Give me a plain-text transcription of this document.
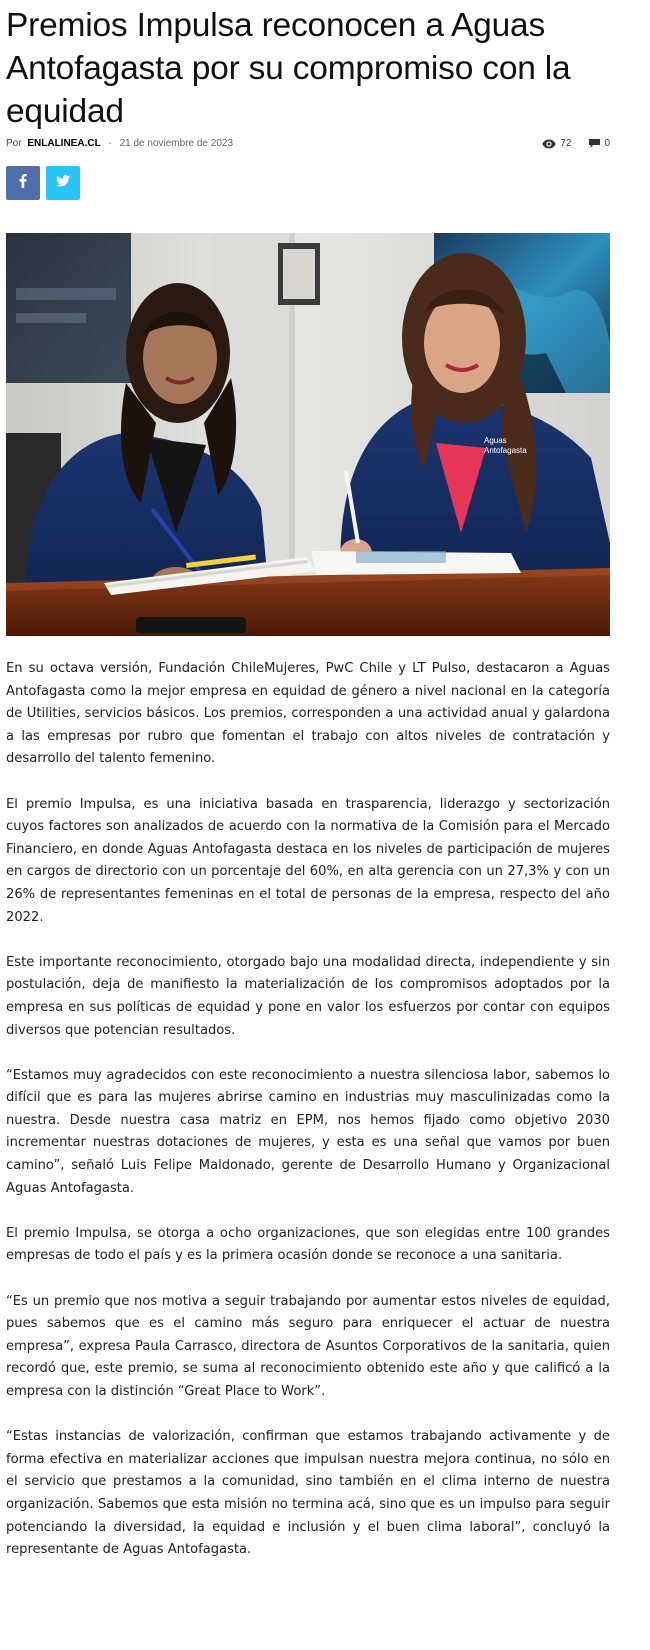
Premios Impulsa reconocen a Aguas Antofagasta por su compromiso con la equidad
Por ENLALINEA.CL - 21 de noviembre de 2023	72	0
Aguas
Antofagasta

En su octava versión, Fundación ChileMujeres, PwC Chile y LT Pulso, destacaron a Aguas Antofagasta como la mejor empresa en equidad de género a nivel nacional en la categoría de Utilities, servicios básicos. Los premios, corresponden a una actividad anual y galardona a las empresas por rubro que fomentan el trabajo con altos niveles de contratación y desarrollo del talento femenino.

El premio Impulsa, es una iniciativa basada en trasparencia, liderazgo y sectorización cuyos factores son analizados de acuerdo con la normativa de la Comisión para el Mercado Financiero, en donde Aguas Antofagasta destaca en los niveles de participación de mujeres en cargos de directorio con un porcentaje del 60%, en alta gerencia con un 27,3% y con un 26% de representantes femeninas en el total de personas de la empresa, respecto del año 2022.

Este importante reconocimiento, otorgado bajo una modalidad directa, independiente y sin postulación, deja de manifiesto la materialización de los compromisos adoptados por la empresa en sus políticas de equidad y pone en valor los esfuerzos por contar con equipos diversos que potencian resultados.

“Estamos muy agradecidos con este reconocimiento a nuestra silenciosa labor, sabemos lo difícil que es para las mujeres abrirse camino en industrias muy masculinizadas como la nuestra. Desde nuestra casa matriz en EPM, nos hemos fijado como objetivo 2030 incrementar nuestras dotaciones de mujeres, y esta es una señal que vamos por buen camino”, señaló Luis Felipe Maldonado, gerente de Desarrollo Humano y Organizacional Aguas Antofagasta.

El premio Impulsa, se otorga a ocho organizaciones, que son elegidas entre 100 grandes empresas de todo el país y es la primera ocasión donde se reconoce a una sanitaria.

“Es un premio que nos motiva a seguir trabajando por aumentar estos niveles de equidad, pues sabemos que es el camino más seguro para enriquecer el actuar de nuestra empresa”, expresa Paula Carrasco, directora de Asuntos Corporativos de la sanitaria, quien recordó que, este premio, se suma al reconocimiento obtenido este año y que calificó a la empresa con la distinción “Great Place to Work”.

“Estas instancias de valorización, confirman que estamos trabajando activamente y de forma efectiva en materializar acciones que impulsan nuestra mejora continua, no sólo en el servicio que prestamos a la comunidad, sino también en el clima interno de nuestra organización. Sabemos que esta misión no termina acá, sino que es un impulso para seguir potenciando la diversidad, la equidad e inclusión y el buen clima laboral”, concluyó la representante de Aguas Antofagasta.
